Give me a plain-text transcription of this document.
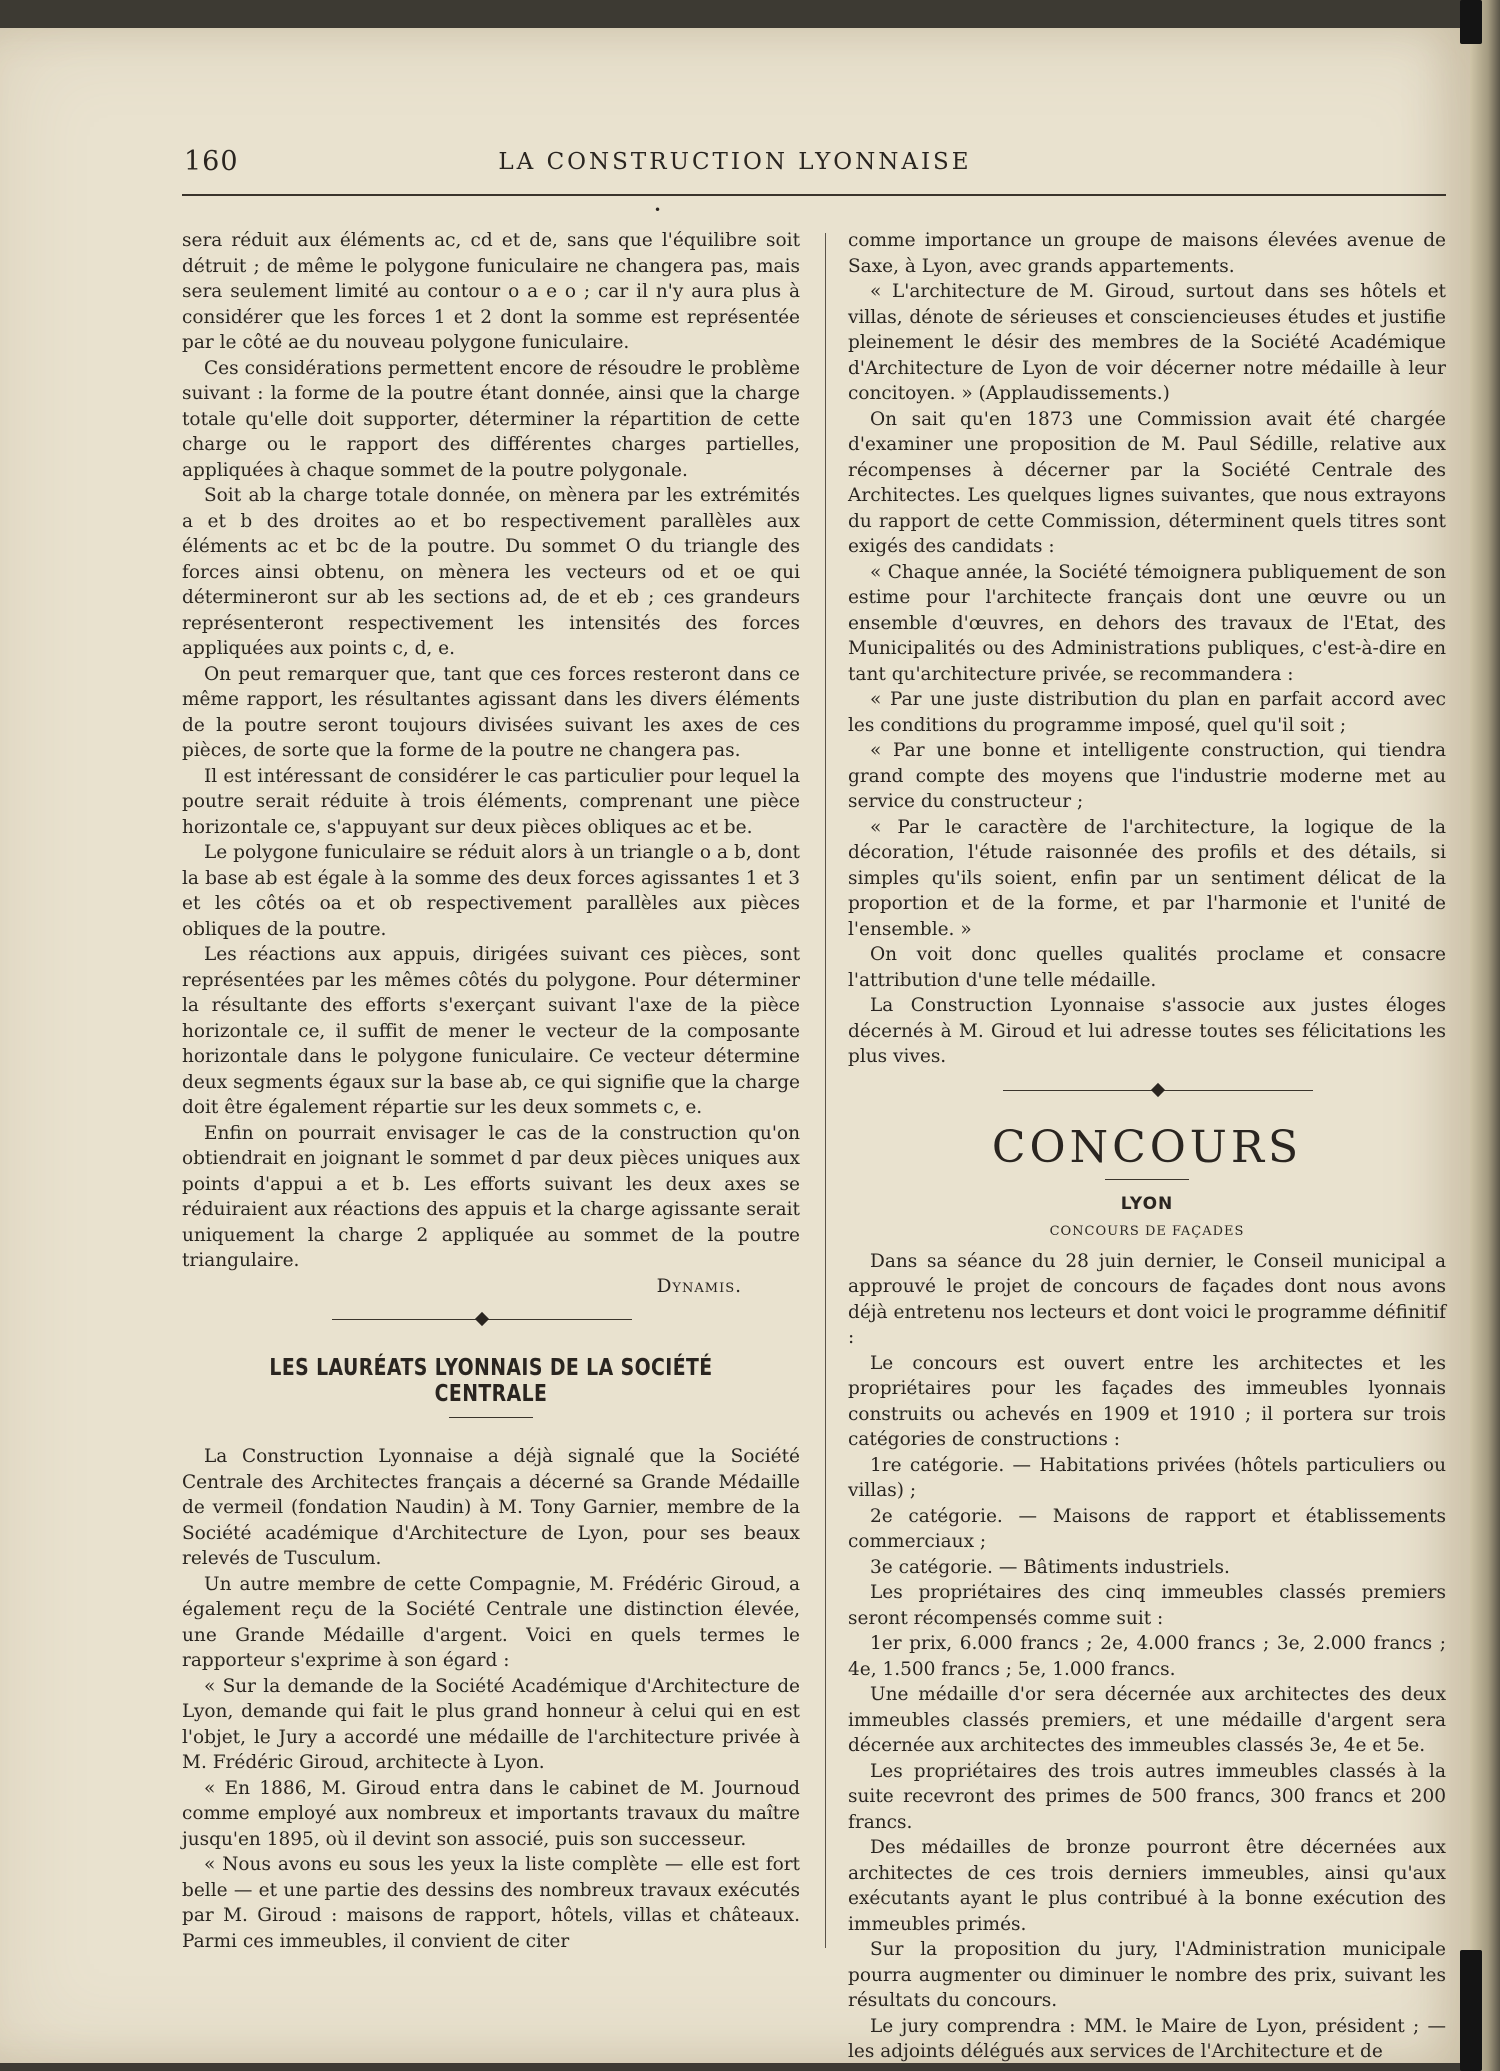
160	LA CONSTRUCTION LYONNAISE
•

sera réduit aux éléments ac, cd et de, sans que l'équilibre soit détruit ; de même le polygone funiculaire ne changera pas, mais sera seulement limité au contour o a e o ; car il n'y aura plus à considérer que les forces 1 et 2 dont la somme est représentée par le côté ae du nouveau polygone funiculaire.

Ces considérations permettent encore de résoudre le problème suivant : la forme de la poutre étant donnée, ainsi que la charge totale qu'elle doit supporter, déterminer la répartition de cette charge ou le rapport des différentes charges partielles, appliquées à chaque sommet de la poutre polygonale.

Soit ab la charge totale donnée, on mènera par les extrémités a et b des droites ao et bo respectivement parallèles aux éléments ac et bc de la poutre. Du sommet O du triangle des forces ainsi obtenu, on mènera les vecteurs od et oe qui détermineront sur ab les sections ad, de et eb ; ces grandeurs représenteront respectivement les intensités des forces appliquées aux points c, d, e.

On peut remarquer que, tant que ces forces resteront dans ce même rapport, les résultantes agissant dans les divers éléments de la poutre seront toujours divisées suivant les axes de ces pièces, de sorte que la forme de la poutre ne changera pas.

Il est intéressant de considérer le cas particulier pour lequel la poutre serait réduite à trois éléments, comprenant une pièce horizontale ce, s'appuyant sur deux pièces obliques ac et be.

Le polygone funiculaire se réduit alors à un triangle o a b, dont la base ab est égale à la somme des deux forces agissantes 1 et 3 et les côtés oa et ob respectivement parallèles aux pièces obliques de la poutre.

Les réactions aux appuis, dirigées suivant ces pièces, sont représentées par les mêmes côtés du polygone. Pour déterminer la résultante des efforts s'exerçant suivant l'axe de la pièce horizontale ce, il suffit de mener le vecteur de la composante horizontale dans le polygone funiculaire. Ce vecteur détermine deux segments égaux sur la base ab, ce qui signifie que la charge doit être également répartie sur les deux sommets c, e.

Enfin on pourrait envisager le cas de la construction qu'on obtiendrait en joignant le sommet d par deux pièces uniques aux points d'appui a et b. Les efforts suivant les deux axes se réduiraient aux réactions des appuis et la charge agissante serait uniquement la charge 2 appliquée au sommet de la poutre triangulaire.

Dynamis.
LES LAURÉATS LYONNAIS DE LA SOCIÉTÉ CENTRALE

La Construction Lyonnaise a déjà signalé que la Société Centrale des Architectes français a décerné sa Grande Médaille de vermeil (fondation Naudin) à M. Tony Garnier, membre de la Société académique d'Architecture de Lyon, pour ses beaux relevés de Tusculum.

Un autre membre de cette Compagnie, M. Frédéric Giroud, a également reçu de la Société Centrale une distinction élevée, une Grande Médaille d'argent. Voici en quels termes le rapporteur s'exprime à son égard :

« Sur la demande de la Société Académique d'Architecture de Lyon, demande qui fait le plus grand honneur à celui qui en est l'objet, le Jury a accordé une médaille de l'architecture privée à M. Frédéric Giroud, architecte à Lyon.

« En 1886, M. Giroud entra dans le cabinet de M. Journoud comme employé aux nombreux et importants travaux du maître jusqu'en 1895, où il devint son associé, puis son successeur.

« Nous avons eu sous les yeux la liste complète — elle est fort belle — et une partie des dessins des nombreux travaux exécutés par M. Giroud : maisons de rapport, hôtels, villas et châteaux. Parmi ces immeubles, il convient de citer

comme importance un groupe de maisons élevées avenue de Saxe, à Lyon, avec grands appartements.

« L'architecture de M. Giroud, surtout dans ses hôtels et villas, dénote de sérieuses et consciencieuses études et justifie pleinement le désir des membres de la Société Académique d'Architecture de Lyon de voir décerner notre médaille à leur concitoyen. » (Applaudissements.)

On sait qu'en 1873 une Commission avait été chargée d'examiner une proposition de M. Paul Sédille, relative aux récompenses à décerner par la Société Centrale des Architectes. Les quelques lignes suivantes, que nous extrayons du rapport de cette Commission, déterminent quels titres sont exigés des candidats :

« Chaque année, la Société témoignera publiquement de son estime pour l'architecte français dont une œuvre ou un ensemble d'œuvres, en dehors des travaux de l'Etat, des Municipalités ou des Administrations publiques, c'est-à-dire en tant qu'architecture privée, se recommandera :

« Par une juste distribution du plan en parfait accord avec les conditions du programme imposé, quel qu'il soit ;

« Par une bonne et intelligente construction, qui tiendra grand compte des moyens que l'industrie moderne met au service du constructeur ;

« Par le caractère de l'architecture, la logique de la décoration, l'étude raisonnée des profils et des détails, si simples qu'ils soient, enfin par un sentiment délicat de la proportion et de la forme, et par l'harmonie et l'unité de l'ensemble. »

On voit donc quelles qualités proclame et consacre l'attribution d'une telle médaille.

La Construction Lyonnaise s'associe aux justes éloges décernés à M. Giroud et lui adresse toutes ses félicitations les plus vives.

CONCOURS
LYON
CONCOURS DE FAÇADES

Dans sa séance du 28 juin dernier, le Conseil municipal a approuvé le projet de concours de façades dont nous avons déjà entretenu nos lecteurs et dont voici le programme définitif :

Le concours est ouvert entre les architectes et les propriétaires pour les façades des immeubles lyonnais construits ou achevés en 1909 et 1910 ; il portera sur trois catégories de constructions :

1re catégorie. — Habitations privées (hôtels particuliers ou villas) ;

2e catégorie. — Maisons de rapport et établissements commerciaux ;

3e catégorie. — Bâtiments industriels.

Les propriétaires des cinq immeubles classés premiers seront récompensés comme suit :

1er prix, 6.000 francs ; 2e, 4.000 francs ; 3e, 2.000 francs ; 4e, 1.500 francs ; 5e, 1.000 francs.

Une médaille d'or sera décernée aux architectes des deux immeubles classés premiers, et une médaille d'argent sera décernée aux architectes des immeubles classés 3e, 4e et 5e.

Les propriétaires des trois autres immeubles classés à la suite recevront des primes de 500 francs, 300 francs et 200 francs.

Des médailles de bronze pourront être décernées aux architectes de ces trois derniers immeubles, ainsi qu'aux exécutants ayant le plus contribué à la bonne exécution des immeubles primés.

Sur la proposition du jury, l'Administration municipale pourra augmenter ou diminuer le nombre des prix, suivant les résultats du concours.

Le jury comprendra : MM. le Maire de Lyon, président ; — les adjoints délégués aux services de l'Architecture et de
